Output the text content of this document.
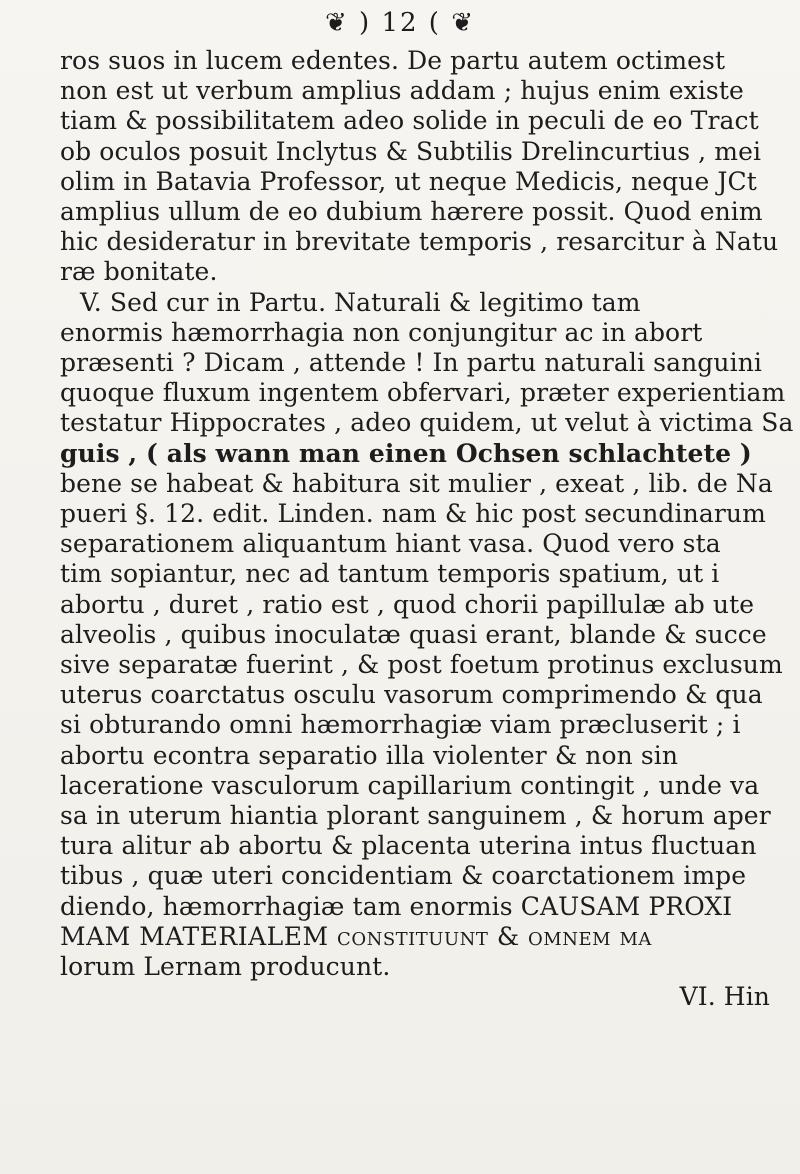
❦ ) 12 ( ❦
ros suos in lucem edentes. De partu autem octimest
non est ut verbum amplius addam ; hujus enim existe
tiam & possibilitatem adeo solide in peculi de eo Tract
ob oculos posuit Inclytus & Subtilis Drelincurtius , mei
olim in Batavia Professor, ut neque Medicis, neque JCt
amplius ullum de eo dubium hærere possit. Quod enim
hic desideratur in brevitate temporis , resarcitur à Natu
ræ bonitate.
V. Sed cur in Partu. Naturali & legitimo tam
enormis hæmorrhagia non conjungitur ac in abort
præsenti ? Dicam , attende ! In partu naturali sanguini
quoque fluxum ingentem obfervari, præter experientiam
testatur Hippocrates , adeo quidem, ut velut à victima Sa
guis , ( als wann man einen Ochsen schlachtete )
bene se habeat & habitura sit mulier , exeat , lib. de Na
pueri §. 12. edit. Linden. nam & hic post secundinarum
separationem aliquantum hiant vasa. Quod vero sta
tim sopiantur, nec ad tantum temporis spatium, ut i
abortu , duret , ratio est , quod chorii papillulæ ab ute
alveolis , quibus inoculatæ quasi erant, blande & succe
sive separatæ fuerint , & post foetum protinus exclusum
uterus coarctatus osculu vasorum comprimendo & qua
si obturando omni hæmorrhagiæ viam præcluserit ; i
abortu econtra separatio illa violenter & non sin
laceratione vasculorum capillarium contingit , unde va
sa in uterum hiantia plorant sanguinem , & horum aper
tura alitur ab abortu & placenta uterina intus fluctuan
tibus , quæ uteri concidentiam & coarctationem impe
diendo, hæmorrhagiæ tam enormis CAUSAM PROXI
MAM MATERIALEM constituunt & omnem ma
lorum Lernam producunt.
VI. Hin
